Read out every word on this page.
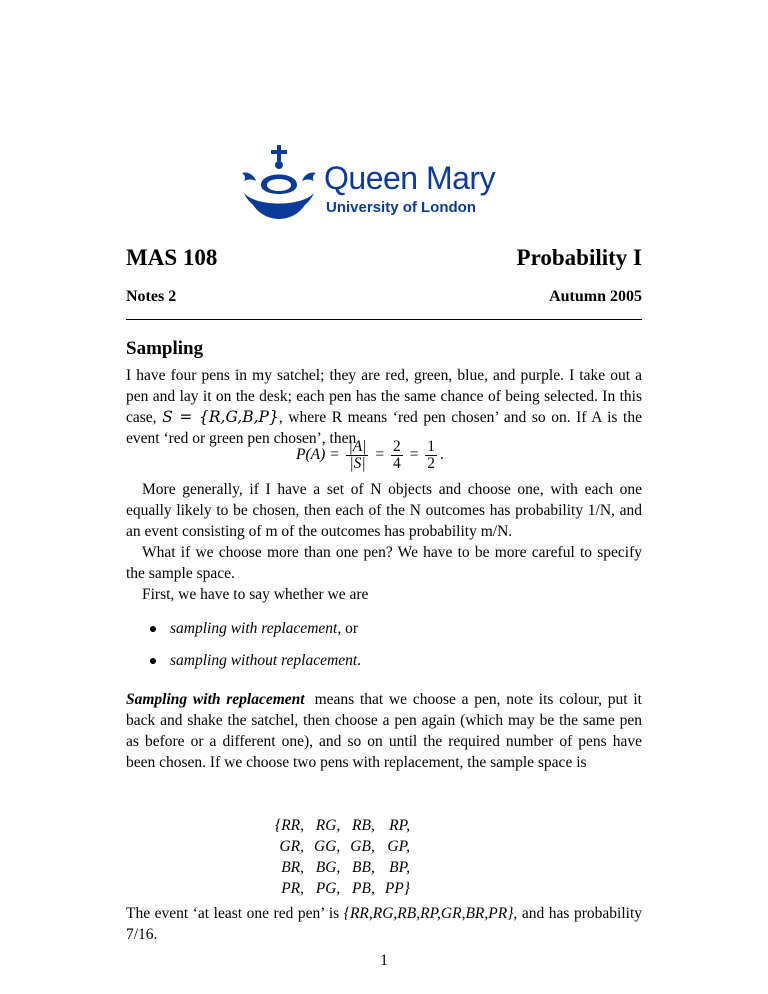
Queen Mary
University of London
MAS 108	Probability I
Notes 2	Autumn 2005
Sampling
I have four pens in my satchel; they are red, green, blue, and purple. I take out a pen and lay it on the desk; each pen has the same chance of being selected. In this case, S = {R,G,B,P}, where R means ‘red pen chosen’ and so on. If A is the event ‘red or green pen chosen’, then
$P(A) = \frac{|A|}{|S|} = \frac{2}{4} = \frac{1}{2}$ .
More generally, if I have a set of N objects and choose one, with each one equally likely to be chosen, then each of the N outcomes has probability 1/N, and an event consisting of m of the outcomes has probability m/N.
What if we choose more than one pen? We have to be more careful to specify the sample space.
First, we have to say whether we are
sampling with replacement, or
sampling without replacement.
Sampling with replacement means that we choose a pen, note its colour, put it back and shake the satchel, then choose a pen again (which may be the same pen as before or a different one), and so on until the required number of pens have been chosen. If we choose two pens with replacement, the sample space is
{RR,	RG,	RB,	RP,
GR,	GG,	GB,	GP,
BR,	BG,	BB,	BP,
PR,	PG,	PB,	PP}
The event ‘at least one red pen’ is {RR,RG,RB,RP,GR,BR,PR}, and has probability 7/16.
1
